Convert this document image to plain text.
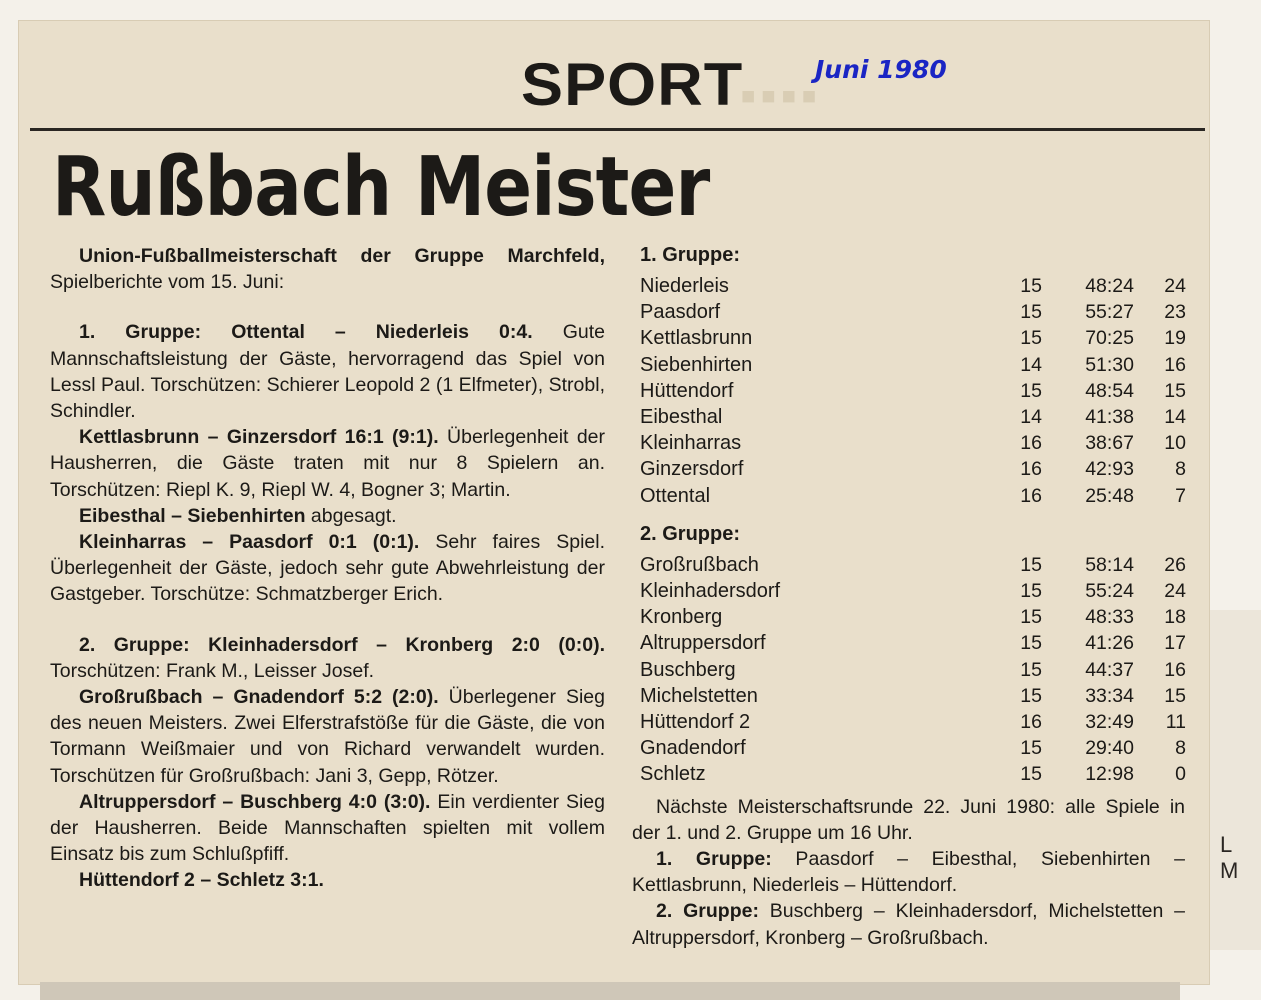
L
M
▪▪▪▪
SPORT	Juni 1980
Rußbach Meister

Union-Fußballmeisterschaft der Gruppe Marchfeld, Spielberichte vom 15. Juni:

1. Gruppe: Ottental – Niederleis 0:4. Gute Mannschaftsleistung der Gäste, hervorragend das Spiel von Lessl Paul. Torschützen: Schierer Leopold 2 (1 Elfmeter), Strobl, Schindler.

Kettlasbrunn – Ginzersdorf 16:1 (9:1). Überlegenheit der Hausherren, die Gäste traten mit nur 8 Spielern an. Torschützen: Riepl K. 9, Riepl W. 4, Bogner 3; Martin.

Eibesthal – Siebenhirten abgesagt.

Kleinharras – Paasdorf 0:1 (0:1). Sehr faires Spiel. Überlegenheit der Gäste, jedoch sehr gute Abwehrleistung der Gastgeber. Torschütze: Schmatzberger Erich.

2. Gruppe: Kleinhadersdorf – Kronberg 2:0 (0:0). Torschützen: Frank M., Leisser Josef.

Großrußbach – Gnadendorf 5:2 (2:0). Überlegener Sieg des neuen Meisters. Zwei Elferstrafstöße für die Gäste, die von Tormann Weißmaier und von Richard verwandelt wurden. Torschützen für Großrußbach: Jani 3, Gepp, Rötzer.

Altruppersdorf – Buschberg 4:0 (3:0). Ein verdienter Sieg der Hausherren. Beide Mannschaften spielten mit vollem Einsatz bis zum Schlußpfiff.

Hüttendorf 2 – Schletz 3:1.

1. Gruppe:
Niederleis	15	48:24	24
Paasdorf	15	55:27	23
Kettlasbrunn	15	70:25	19
Siebenhirten	14	51:30	16
Hüttendorf	15	48:54	15
Eibesthal	14	41:38	14
Kleinharras	16	38:67	10
Ginzersdorf	16	42:93	8
Ottental	16	25:48	7
2. Gruppe:
Großrußbach	15	58:14	26
Kleinhadersdorf	15	55:24	24
Kronberg	15	48:33	18
Altruppersdorf	15	41:26	17
Buschberg	15	44:37	16
Michelstetten	15	33:34	15
Hüttendorf 2	16	32:49	11
Gnadendorf	15	29:40	8
Schletz	15	12:98	0

Nächste Meisterschaftsrunde 22. Juni 1980: alle Spiele in der 1. und 2. Gruppe um 16 Uhr.

1. Gruppe: Paasdorf – Eibesthal, Siebenhirten – Kettlasbrunn, Niederleis – Hüttendorf.

2. Gruppe: Buschberg – Kleinhadersdorf, Michelstetten – Altruppersdorf, Kronberg – Großrußbach.
